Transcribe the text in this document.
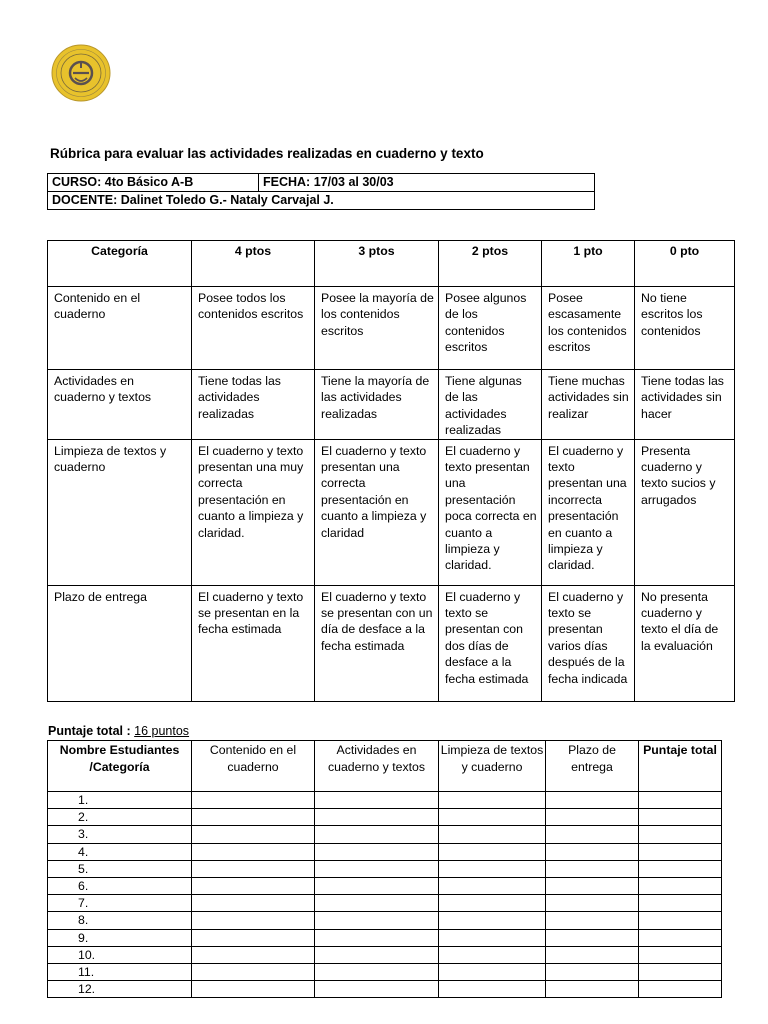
Rúbrica para evaluar las actividades realizadas en cuaderno y texto
CURSO: 4to Básico A-B	FECHA: 17/03 al 30/03
DOCENTE: Dalinet Toledo G.- Nataly Carvajal J.
Categoría	4 ptos	3 ptos	2 ptos	1 pto	0 pto
Contenido en el cuaderno	Posee todos los contenidos escritos	Posee la mayoría de los contenidos escritos	Posee algunos de los contenidos escritos	Posee escasamente los contenidos escritos	No tiene escritos los contenidos
Actividades en cuaderno y textos	Tiene todas las actividades realizadas	Tiene la mayoría de las actividades realizadas	Tiene algunas de las actividades realizadas	Tiene muchas actividades sin realizar	Tiene todas las actividades sin hacer
Limpieza de textos y cuaderno	El cuaderno y texto presentan una muy correcta presentación en cuanto a limpieza y claridad.	El cuaderno y texto presentan una correcta presentación en cuanto a limpieza y claridad	El cuaderno y texto presentan una presentación poca correcta en cuanto a limpieza y claridad.	El cuaderno y texto presentan una incorrecta presentación en cuanto a limpieza y claridad.	Presenta cuaderno y texto sucios y arrugados
Plazo de entrega	El cuaderno y texto se presentan en la fecha estimada	El cuaderno y texto se presentan con un día de desface a la fecha estimada	El cuaderno y texto se presentan con dos días de desface a la fecha estimada	El cuaderno y texto se presentan varios días después de la fecha indicada	No presenta cuaderno y texto el día de la evaluación
Puntaje total : 16 puntos
Nombre Estudiantes /Categoría	Contenido en el cuaderno	Actividades en cuaderno y textos	Limpieza de textos y cuaderno	Plazo de entrega	Puntaje total
1.					
2.					
3.					
4.					
5.					
6.					
7.					
8.					
9.					
10.					
11.					
12.					
